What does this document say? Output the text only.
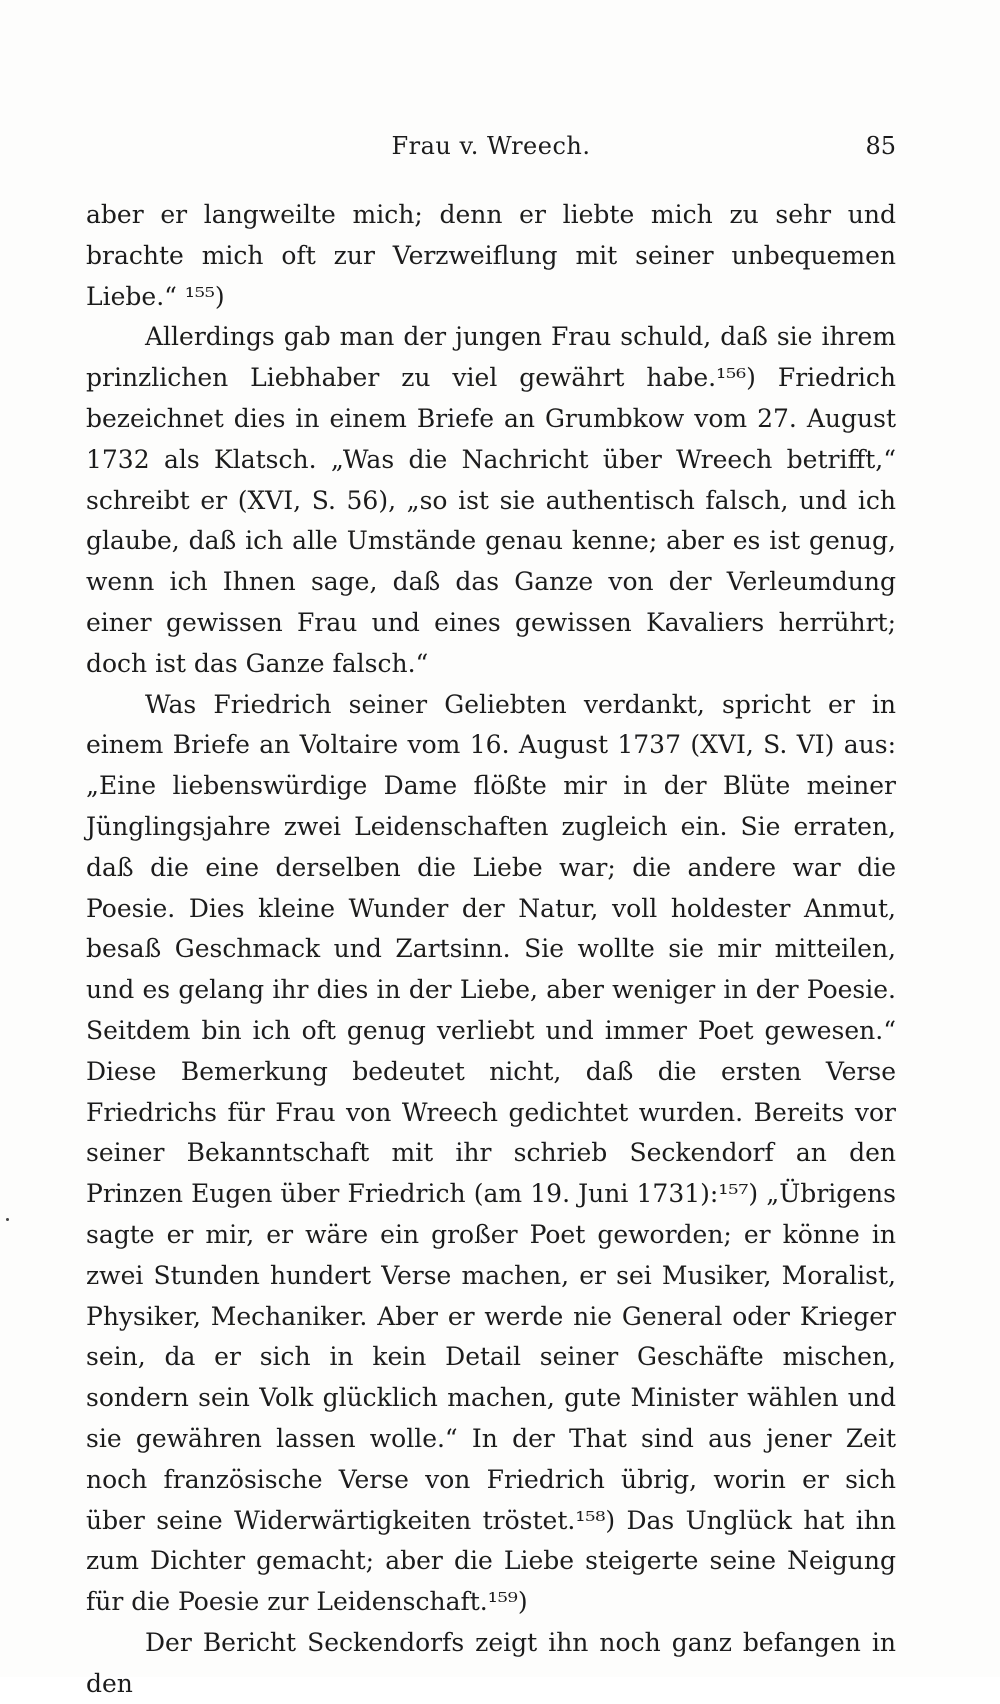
Frau v. Wreech.	85

aber er langweilte mich; denn er liebte mich zu sehr und brachte mich oft zur Verzweiflung mit seiner unbequemen Liebe.“ ¹⁵⁵)

Allerdings gab man der jungen Frau schuld, daß sie ihrem prinzlichen Liebhaber zu viel gewährt habe.¹⁵⁶) Friedrich bezeichnet dies in einem Briefe an Grumbkow vom 27. August 1732 als Klatsch. „Was die Nachricht über Wreech betrifft,“ schreibt er (XVI, S. 56), „so ist sie authentisch falsch, und ich glaube, daß ich alle Umstände genau kenne; aber es ist genug, wenn ich Ihnen sage, daß das Ganze von der Verleumdung einer gewissen Frau und eines gewissen Kavaliers herrührt; doch ist das Ganze falsch.“

Was Friedrich seiner Geliebten verdankt, spricht er in einem Briefe an Voltaire vom 16. August 1737 (XVI, S. VI) aus: „Eine liebenswürdige Dame flößte mir in der Blüte meiner Jünglingsjahre zwei Leidenschaften zugleich ein. Sie erraten, daß die eine derselben die Liebe war; die andere war die Poesie. Dies kleine Wunder der Natur, voll holdester Anmut, besaß Geschmack und Zartsinn. Sie wollte sie mir mitteilen, und es gelang ihr dies in der Liebe, aber weniger in der Poesie. Seitdem bin ich oft genug verliebt und immer Poet gewesen.“ Diese Bemerkung bedeutet nicht, daß die ersten Verse Friedrichs für Frau von Wreech gedichtet wurden. Bereits vor seiner Bekanntschaft mit ihr schrieb Seckendorf an den Prinzen Eugen über Friedrich (am 19. Juni 1731):¹⁵⁷) „Übrigens sagte er mir, er wäre ein großer Poet geworden; er könne in zwei Stunden hundert Verse machen, er sei Musiker, Moralist, Physiker, Mechaniker. Aber er werde nie General oder Krieger sein, da er sich in kein Detail seiner Geschäfte mischen, sondern sein Volk glücklich machen, gute Minister wählen und sie gewähren lassen wolle.“ In der That sind aus jener Zeit noch französische Verse von Friedrich übrig, worin er sich über seine Widerwärtigkeiten tröstet.¹⁵⁸) Das Unglück hat ihn zum Dichter gemacht; aber die Liebe steigerte seine Neigung für die Poesie zur Leidenschaft.¹⁵⁹)

Der Bericht Seckendorfs zeigt ihn noch ganz befangen in den
